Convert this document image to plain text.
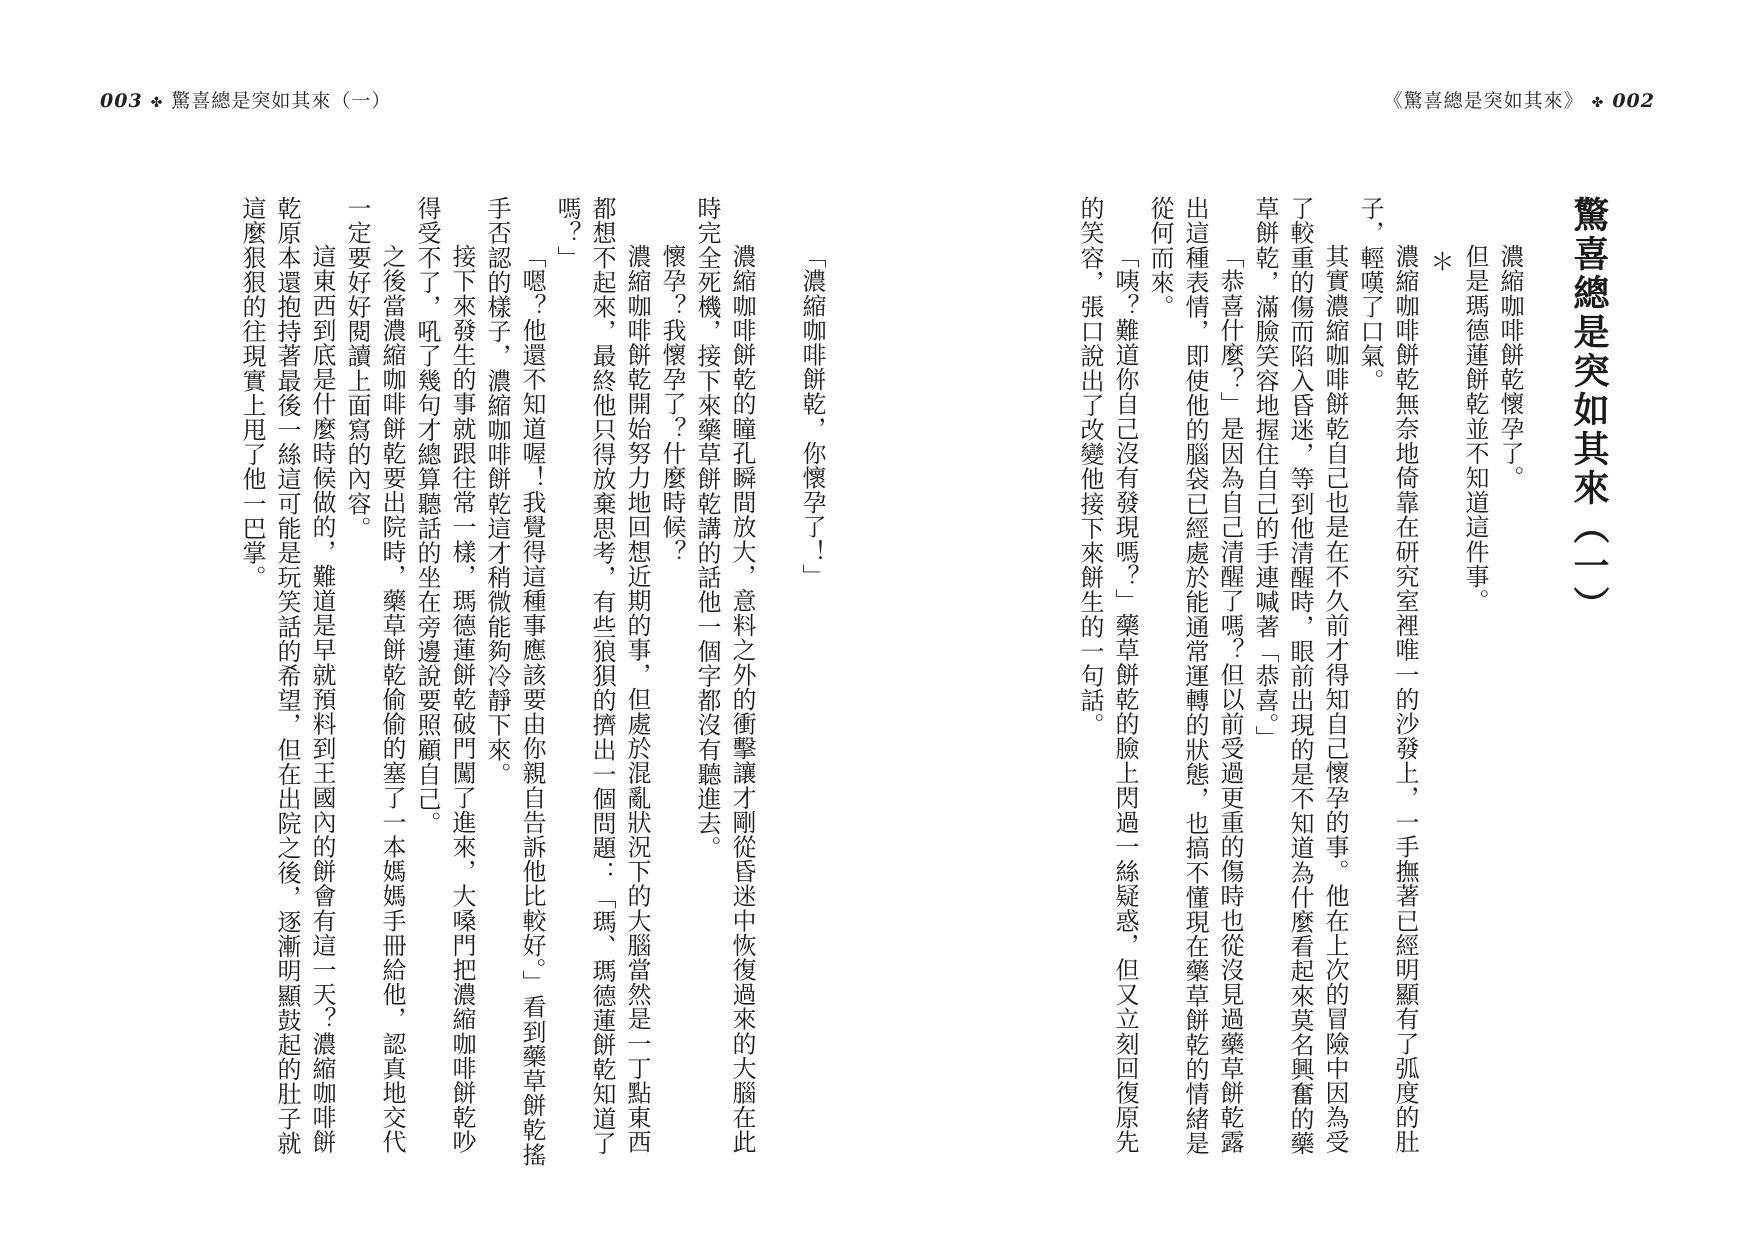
003 ✤ 驚喜總是突如其來（一）	《驚喜總是突如其來》 ✤ 002

驚喜總是突如其來（一）

濃縮咖啡餅乾懷孕了。

但是瑪德蓮餅乾並不知道這件事。

＊

濃縮咖啡餅乾無奈地倚靠在研究室裡唯一的沙發上，一手撫著已經明顯有了弧度的肚子，輕嘆了口氣。

其實濃縮咖啡餅乾自己也是在不久前才得知自己懷孕的事。他在上次的冒險中因為受了較重的傷而陷入昏迷，等到他清醒時，眼前出現的是不知道為什麼看起來莫名興奮的藥草餅乾，滿臉笑容地握住自己的手連喊著「恭喜。」

「恭喜什麼？」是因為自己清醒了嗎？但以前受過更重的傷時也從沒見過藥草餅乾露出這種表情，即使他的腦袋已經處於能通常運轉的狀態，也搞不懂現在藥草餅乾的情緒是從何而來。

「咦？難道你自己沒有發現嗎？」藥草餅乾的臉上閃過一絲疑惑，但又立刻回復原先的笑容，張口說出了改變他接下來餅生的一句話。

「濃縮咖啡餅乾，你懷孕了！」

濃縮咖啡餅乾的瞳孔瞬間放大，意料之外的衝擊讓才剛從昏迷中恢復過來的大腦在此時完全死機，接下來藥草餅乾講的話他一個字都沒有聽進去。

懷孕？我懷孕了？什麼時候？

濃縮咖啡餅乾開始努力地回想近期的事，但處於混亂狀況下的大腦當然是一丁點東西都想不起來，最終他只得放棄思考，有些狼狽的擠出一個問題：「瑪、瑪德蓮餅乾知道了嗎？」

「嗯？他還不知道喔！我覺得這種事應該要由你親自告訴他比較好。」看到藥草餅乾搖手否認的樣子，濃縮咖啡餅乾這才稍微能夠冷靜下來。

接下來發生的事就跟往常一樣，瑪德蓮餅乾破門闖了進來，大嗓門把濃縮咖啡餅乾吵得受不了，吼了幾句才總算聽話的坐在旁邊說要照顧自己。

之後當濃縮咖啡餅乾要出院時，藥草餅乾偷偷的塞了一本媽媽手冊給他，認真地交代一定要好好閱讀上面寫的內容。

這東西到底是什麼時候做的，難道是早就預料到王國內的餅會有這一天？濃縮咖啡餅乾原本還抱持著最後一絲這可能是玩笑話的希望，但在出院之後，逐漸明顯鼓起的肚子就這麼狠狠的往現實上甩了他一巴掌。
